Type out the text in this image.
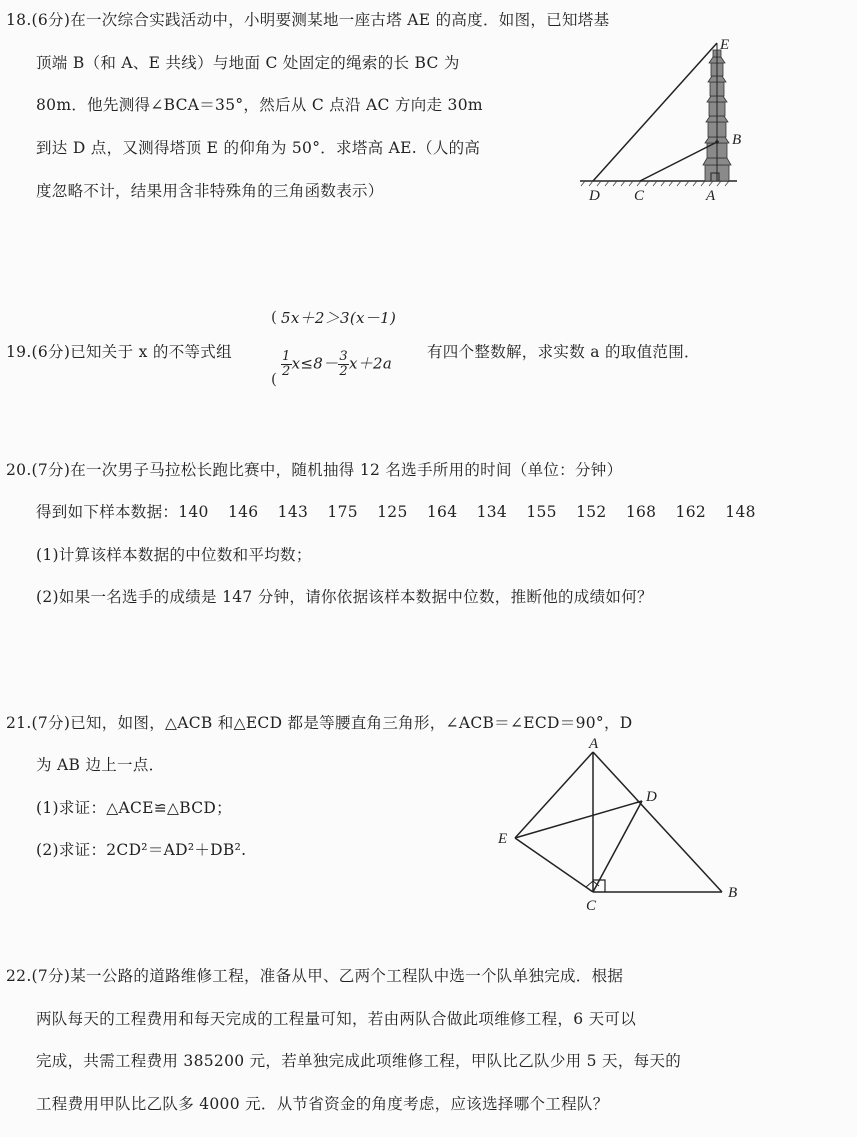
18.(6分)在一次综合实践活动中，小明要测某地一座古塔 AE 的高度．如图，已知塔基
顶端 B（和 A、E 共线）与地面 C 处固定的绳索的长 BC 为
80m．他先测得∠BCA＝35°，然后从 C 点沿 AC 方向走 30m
到达 D 点，又测得塔顶 E 的仰角为 50°．求塔高 AE.（人的高
度忽略不计，结果用含非特殊角的三角函数表示）
E
B
D C	A
19.(6分)已知关于 x 的不等式组
(
(
5x＋2＞3(x－1)
$\frac{1}{2} x\le 8- \frac{3}{2} x+2a$
有四个整数解，求实数 a 的取值范围．
20.(7分)在一次男子马拉松长跑比赛中，随机抽得 12 名选手所用的时间（单位：分钟）
得到如下样本数据：140 146 143 175 125 164 134 155 152 168 162 148
(1)计算该样本数据的中位数和平均数；
(2)如果一名选手的成绩是 147 分钟，请你依据该样本数据中位数，推断他的成绩如何？
21.(7分)已知，如图，△ACB 和△ECD 都是等腰直角三角形，∠ACB＝∠ECD＝90°，D
为 AB 边上一点．
(1)求证：△ACE≌△BCD；
(2)求证：2CD²＝AD²＋DB².
A
D
E
C
B
22.(7分)某一公路的道路维修工程，准备从甲、乙两个工程队中选一个队单独完成．根据
两队每天的工程费用和每天完成的工程量可知，若由两队合做此项维修工程，6 天可以
完成，共需工程费用 385200 元，若单独完成此项维修工程，甲队比乙队少用 5 天，每天的
工程费用甲队比乙队多 4000 元．从节省资金的角度考虑，应该选择哪个工程队？
